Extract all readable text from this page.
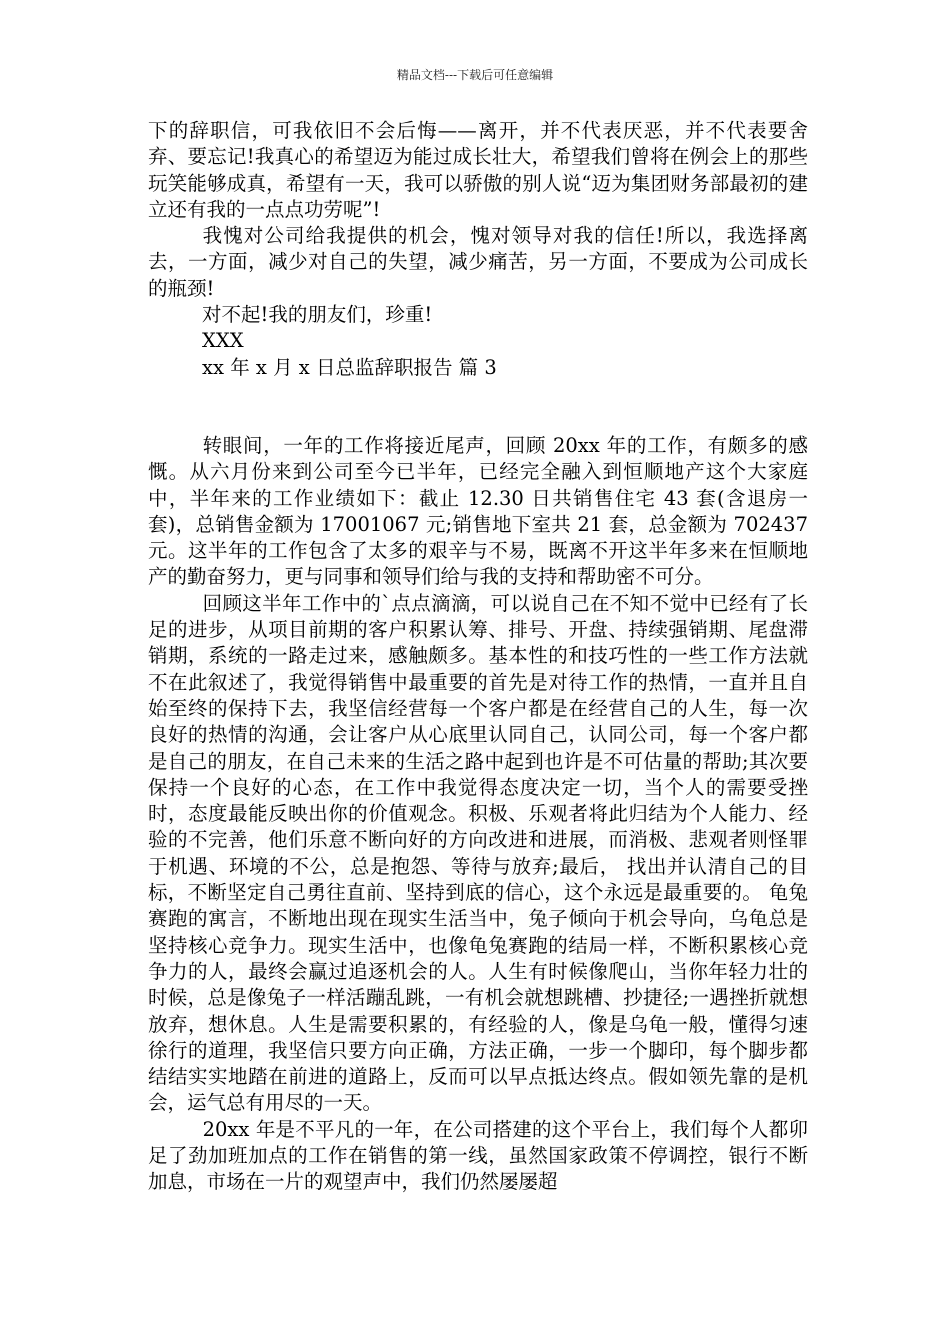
精品文档---下载后可任意编辑

下的辞职信，可我依旧不会后悔——离开，并不代表厌恶，并不代表要舍弃、要忘记!我真心的希望迈为能过成长壮大，希望我们曾将在例会上的那些玩笑能够成真，希望有一天，我可以骄傲的别人说“迈为集团财务部最初的建立还有我的一点点功劳呢”!

我愧对公司给我提供的机会，愧对领导对我的信任!所以，我选择离去，一方面，减少对自己的失望，减少痛苦，另一方面，不要成为公司成长的瓶颈!

对不起!我的朋友们，珍重!

XXX

xx 年 x 月 x 日总监辞职报告 篇 3

转眼间，一年的工作将接近尾声，回顾 20xx 年的工作，有颇多的感慨。从六月份来到公司至今已半年，已经完全融入到恒顺地产这个大家庭中，半年来的工作业绩如下：截止 12.30 日共销售住宅 43 套(含退房一套)，总销售金额为 17001067 元;销售地下室共 21 套，总金额为 702437 元。这半年的工作包含了太多的艰辛与不易，既离不开这半年多来在恒顺地产的勤奋努力，更与同事和领导们给与我的支持和帮助密不可分。

回顾这半年工作中的`点点滴滴，可以说自己在不知不觉中已经有了长足的进步，从项目前期的客户积累认筹、排号、开盘、持续强销期、尾盘滞销期，系统的一路走过来，感触颇多。基本性的和技巧性的一些工作方法就不在此叙述了，我觉得销售中最重要的首先是对待工作的热情，一直并且自始至终的保持下去，我坚信经营每一个客户都是在经营自己的人生，每一次良好的热情的沟通，会让客户从心底里认同自己，认同公司，每一个客户都是自己的朋友，在自己未来的生活之路中起到也许是不可估量的帮助;其次要保持一个良好的心态，在工作中我觉得态度决定一切，当个人的需要受挫时，态度最能反映出你的价值观念。积极、乐观者将此归结为个人能力、经验的不完善，他们乐意不断向好的方向改进和进展，而消极、悲观者则怪罪于机遇、环境的不公，总是抱怨、等待与放弃;最后， 找出并认清自己的目标，不断坚定自己勇往直前、坚持到底的信心，这个永远是最重要的。 龟兔赛跑的寓言，不断地出现在现实生活当中，兔子倾向于机会导向，乌龟总是坚持核心竞争力。现实生活中，也像龟兔赛跑的结局一样，不断积累核心竞争力的人，最终会赢过追逐机会的人。人生有时候像爬山，当你年轻力壮的时候，总是像兔子一样活蹦乱跳，一有机会就想跳槽、抄捷径;一遇挫折就想放弃，想休息。人生是需要积累的，有经验的人，像是乌龟一般，懂得匀速徐行的道理，我坚信只要方向正确，方法正确，一步一个脚印，每个脚步都结结实实地踏在前进的道路上，反而可以早点抵达终点。假如领先靠的是机会，运气总有用尽的一天。

20xx 年是不平凡的一年，在公司搭建的这个平台上，我们每个人都卯足了劲加班加点的工作在销售的第一线，虽然国家政策不停调控，银行不断加息，市场在一片的观望声中，我们仍然屡屡超
